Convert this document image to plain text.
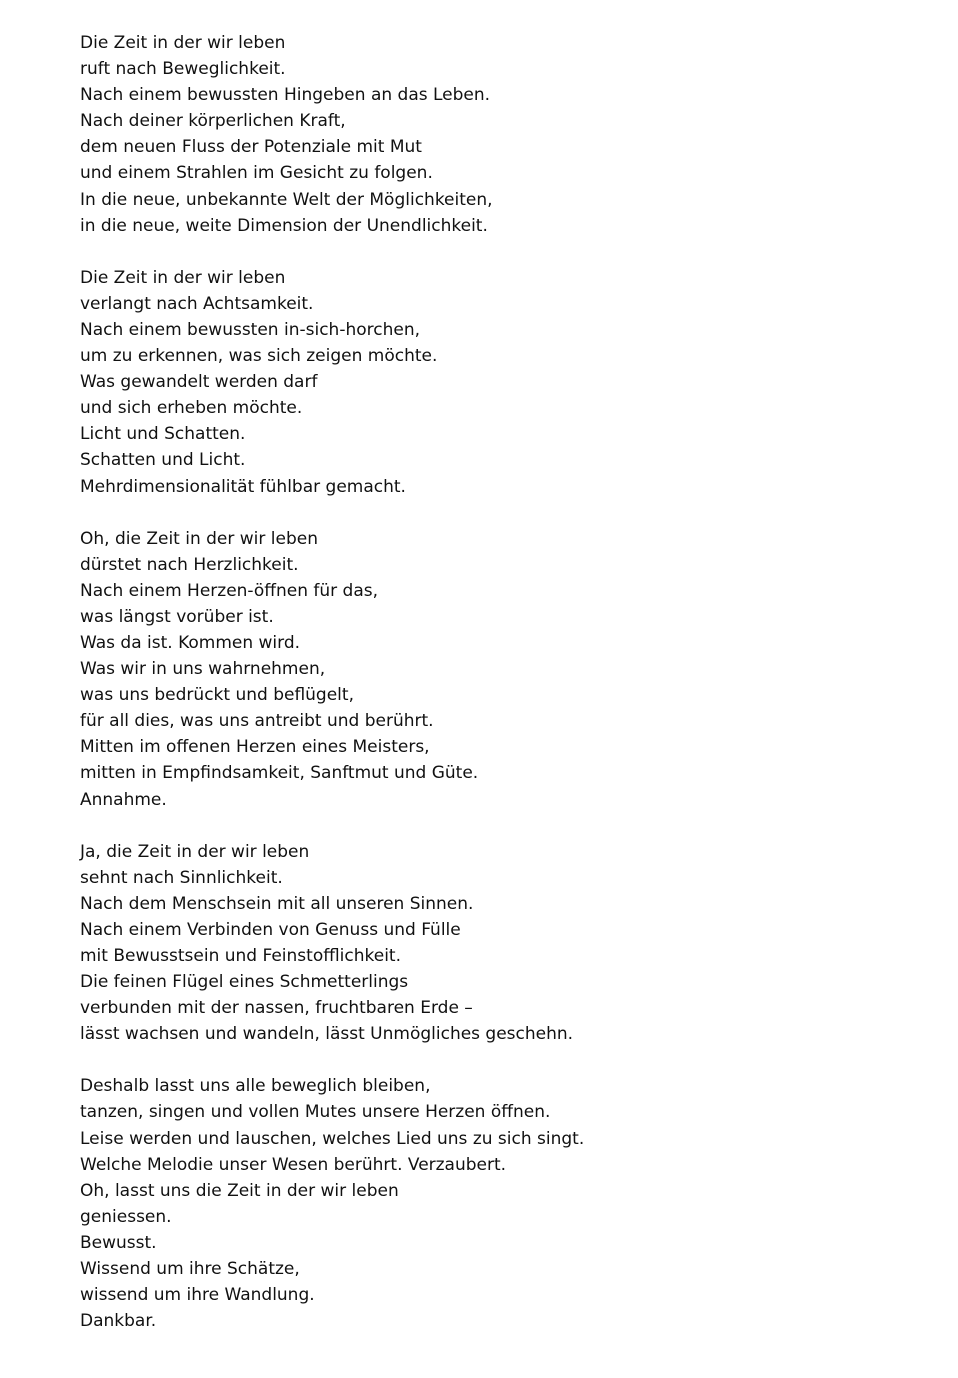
Die Zeit in der wir leben
ruft nach Beweglichkeit.
Nach einem bewussten Hingeben an das Leben.
Nach deiner körperlichen Kraft,
dem neuen Fluss der Potenziale mit Mut
und einem Strahlen im Gesicht zu folgen.
In die neue, unbekannte Welt der Möglichkeiten,
in die neue, weite Dimension der Unendlichkeit.
Die Zeit in der wir leben
verlangt nach Achtsamkeit.
Nach einem bewussten in-sich-horchen,
um zu erkennen, was sich zeigen möchte.
Was gewandelt werden darf
und sich erheben möchte.
Licht und Schatten.
Schatten und Licht.
Mehrdimensionalität fühlbar gemacht.
Oh, die Zeit in der wir leben
dürstet nach Herzlichkeit.
Nach einem Herzen-öffnen für das,
was längst vorüber ist.
Was da ist. Kommen wird.
Was wir in uns wahrnehmen,
was uns bedrückt und beflügelt,
für all dies, was uns antreibt und berührt.
Mitten im offenen Herzen eines Meisters,
mitten in Empfindsamkeit, Sanftmut und Güte.
Annahme.
Ja, die Zeit in der wir leben
sehnt nach Sinnlichkeit.
Nach dem Menschsein mit all unseren Sinnen.
Nach einem Verbinden von Genuss und Fülle
mit Bewusstsein und Feinstofflichkeit.
Die feinen Flügel eines Schmetterlings
verbunden mit der nassen, fruchtbaren Erde –
lässt wachsen und wandeln, lässt Unmögliches geschehn.
Deshalb lasst uns alle beweglich bleiben,
tanzen, singen und vollen Mutes unsere Herzen öffnen.
Leise werden und lauschen, welches Lied uns zu sich singt.
Welche Melodie unser Wesen berührt. Verzaubert.
Oh, lasst uns die Zeit in der wir leben
geniessen.
Bewusst.
Wissend um ihre Schätze,
wissend um ihre Wandlung.
Dankbar.
